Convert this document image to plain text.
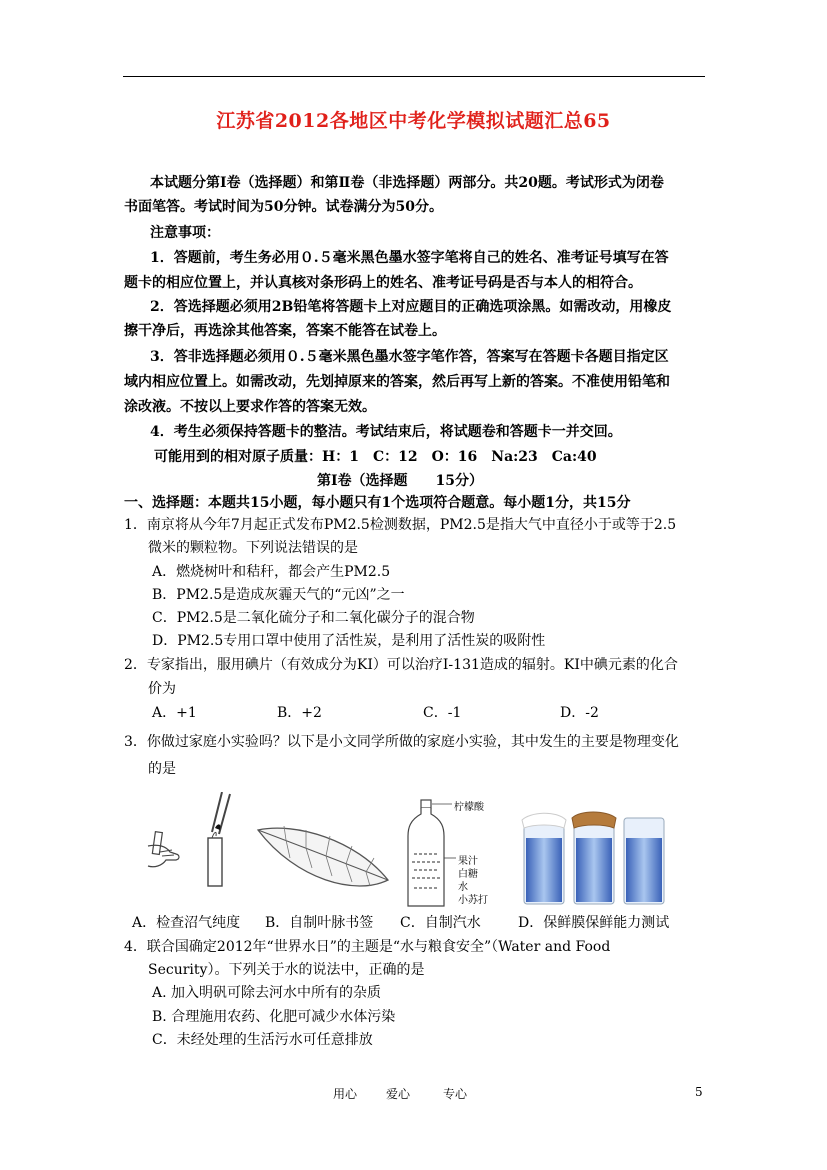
江苏省2012各地区中考化学模拟试题汇总65
本试题分第Ⅰ卷（选择题）和第Ⅱ卷（非选择题）两部分。共20题。考试形式为闭卷
书面笔答。考试时间为50分钟。试卷满分为50分。
注意事项：
1．答题前，考生务必用０.５毫米黑色墨水签字笔将自己的姓名、准考证号填写在答
题卡的相应位置上，并认真核对条形码上的姓名、准考证号码是否与本人的相符合。
2．答选择题必须用2B铅笔将答题卡上对应题目的正确选项涂黑。如需改动，用橡皮
擦干净后，再选涂其他答案，答案不能答在试卷上。
3．答非选择题必须用０.５毫米黑色墨水签字笔作答，答案写在答题卡各题目指定区
域内相应位置上。如需改动，先划掉原来的答案，然后再写上新的答案。不准使用铅笔和
涂改液。不按以上要求作答的答案无效。
4．考生必须保持答题卡的整洁。考试结束后，将试题卷和答题卡一并交回。
可能用到的相对原子质量：H：1　C：12　O：16　Na:23　Ca:40
第Ⅰ卷（选择题　　15分）
一、选择题：本题共15小题，每小题只有1个选项符合题意。每小题1分，共15分
1．南京将从今年7月起正式发布PM2.5检测数据，PM2.5是指大气中直径小于或等于2.5
微米的颗粒物。下列说法错误的是
A．燃烧树叶和秸秆，都会产生PM2.5
B．PM2.5是造成灰霾天气的“元凶”之一
C．PM2.5是二氧化硫分子和二氧化碳分子的混合物
D．PM2.5专用口罩中使用了活性炭，是利用了活性炭的吸附性
2．专家指出，服用碘片（有效成分为KI）可以治疗I-131造成的辐射。KI中碘元素的化合
价为
A．+1	B．+2	C．-1	D．-2
3．你做过家庭小实验吗？以下是小文同学所做的家庭小实验，其中发生的主要是物理变化
的是
柠檬酸
果汁
白糖
水
小苏打
A．检查沼气纯度 B．自制叶脉书签 C．自制汽水	D．保鲜膜保鲜能力测试
4．联合国确定2012年“世界水日”的主题是“水与粮食安全”（Water and Food
Security）。下列关于水的说法中，正确的是
A. 加入明矾可除去河水中所有的杂质
B. 合理施用农药、化肥可减少水体污染
C．未经处理的生活污水可任意排放
用心 爱心	专心	5
